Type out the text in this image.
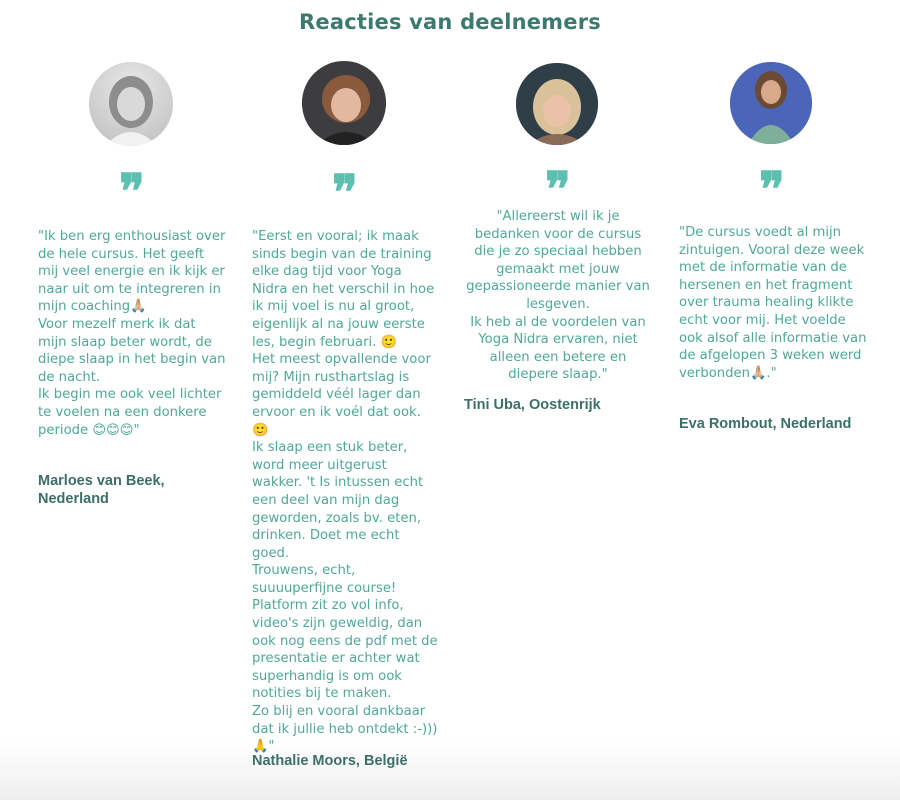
Reacties van deelnemers
❞

"Ik ben erg enthousiast over de hele cursus. Het geeft mij veel energie en ik kijk er naar uit om te integreren in mijn coaching🙏🏼
Voor mezelf merk ik dat mijn slaap beter wordt, de diepe slaap in het begin van de nacht.
Ik begin me ook veel lichter te voelen na een donkere periode 😊😊😊"

Marloes van Beek,
Nederland

❞

"Eerst en vooral; ik maak sinds begin van de training elke dag tijd voor Yoga Nidra en het verschil in hoe ik mij voel is nu al groot, eigenlijk al na jouw eerste les, begin februari. 🙂
Het meest opvallende voor mij? Mijn rusthartslag is gemiddeld véél lager dan ervoor en ik voél dat ook. 🙂
Ik slaap een stuk beter, word meer uitgerust wakker. 't Is intussen echt een deel van mijn dag geworden, zoals bv. eten, drinken. Doet me echt goed.
Trouwens, echt, suuuuperfijne course! Platform zit zo vol info, video's zijn geweldig, dan ook nog eens de pdf met de presentatie er achter wat superhandig is om ook notities bij te maken.
Zo blij en vooral dankbaar dat ik jullie heb ontdekt :-))) 🙏"

Nathalie Moors, België

❞

"Allereerst wil ik je bedanken voor de cursus die je zo speciaal hebben gemaakt met jouw gepassioneerde manier van lesgeven.
Ik heb al de voordelen van Yoga Nidra ervaren, niet alleen een betere en diepere slaap."

Tini Uba, Oostenrijk

❞

"De cursus voedt al mijn zintuigen. Vooral deze week met de informatie van de hersenen en het fragment over trauma healing klikte echt voor mij. Het voelde ook alsof alle informatie van de afgelopen 3 weken werd verbonden🙏🏼."

Eva Rombout, Nederland
